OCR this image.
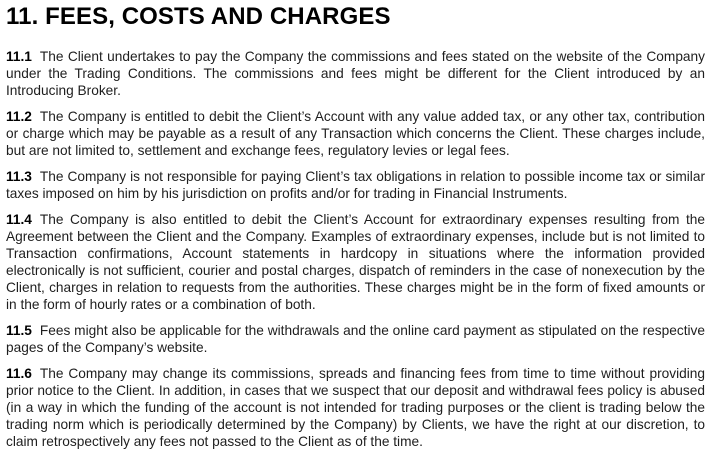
11. FEES, COSTS AND CHARGES

11.1 The Client undertakes to pay the Company the commissions and fees stated on the website of the Company under the Trading Conditions. The commissions and fees might be different for the Client introduced by an Introducing Broker.

11.2 The Company is entitled to debit the Client’s Account with any value added tax, or any other tax, contribution or charge which may be payable as a result of any Transaction which concerns the Client. These charges include, but are not limited to, settlement and exchange fees, regulatory levies or legal fees.

11.3 The Company is not responsible for paying Client’s tax obligations in relation to possible income tax or similar taxes imposed on him by his jurisdiction on profits and/or for trading in Financial Instruments.

11.4 The Company is also entitled to debit the Client’s Account for extraordinary expenses resulting from the Agreement between the Client and the Company. Examples of extraordinary expenses, include but is not limited to Transaction confirmations, Account statements in hardcopy in situations where the information provided electronically is not sufficient, courier and postal charges, dispatch of reminders in the case of nonexecution by the Client, charges in relation to requests from the authorities. These charges might be in the form of fixed amounts or in the form of hourly rates or a combination of both.

11.5 Fees might also be applicable for the withdrawals and the online card payment as stipulated on the respective pages of the Company’s website.

11.6 The Company may change its commissions, spreads and financing fees from time to time without providing prior notice to the Client. In addition, in cases that we suspect that our deposit and withdrawal fees policy is abused (in a way in which the funding of the account is not intended for trading purposes or the client is trading below the trading norm which is periodically determined by the Company) by Clients, we have the right at our discretion, to claim retrospectively any fees not passed to the Client as of the time.
